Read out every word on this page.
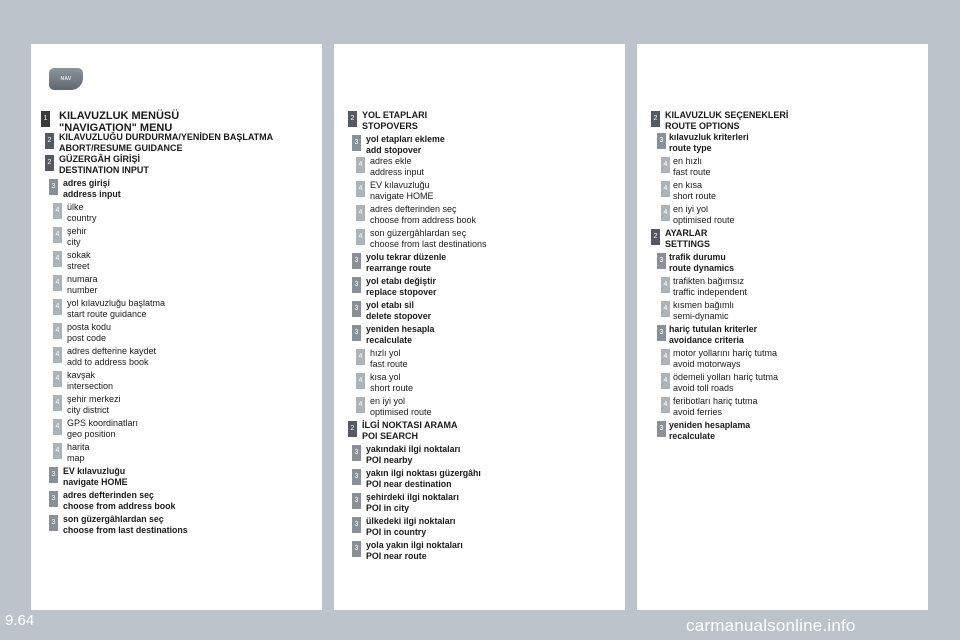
NAV
1 KILAVUZLUK MENÜSÜ
"NAVIGATION" MENU
2 KILAVUZLUĞU DURDURMA/YENİDEN BAŞLATMA
ABORT/RESUME GUIDANCE
2 GÜZERGÂH GİRİŞİ
DESTINATION INPUT
3 adres girişi
address input
4 ülke
country
4 şehir
city
4 sokak
street
4 numara
number
4 yol kılavuzluğu başlatma
start route guidance
4 posta kodu
post code
4 adres defterine kaydet
add to address book
4 kavşak
intersection
4 şehir merkezi
city district
4 GPS koordinatları
geo position
4 harita
map
3 EV kılavuzluğu
navigate HOME
3 adres defterinden seç
choose from address book
3 son güzergâhlardan seç
choose from last destinations
2 YOL ETAPLARI
STOPOVERS
3 yol etapları ekleme
add stopover
4 adres ekle
address input
4 EV kılavuzluğu
navigate HOME
4 adres defterinden seç
choose from address book
4 son güzergâhlardan seç
choose from last destinations
3 yolu tekrar düzenle
rearrange route
3 yol etabı değiştir
replace stopover
3 yol etabı sil
delete stopover
3 yeniden hesapla
recalculate
4 hızlı yol
fast route
4 kısa yol
short route
4 en iyi yol
optimised route
2 İLGİ NOKTASI ARAMA
POI SEARCH
3 yakındaki ilgi noktaları
POI nearby
3 yakın ilgi noktası güzergâhı
POI near destination
3 şehirdeki ilgi noktaları
POI in city
3 ülkedeki ilgi noktaları
POI in country
3 yola yakın ilgi noktaları
POI near route
2 KILAVUZLUK SEÇENEKLERİ
ROUTE OPTIONS
3 kılavuzluk kriterleri
route type
4 en hızlı
fast route
4 en kısa
short route
4 en iyi yol
optimised route
2 AYARLAR
SETTINGS
3 trafik durumu
route dynamics
4 trafikten bağımsız
traffic independent
4 kısmen bağımlı
semi-dynamic
3 hariç tutulan kriterler
avoidance criteria
4 motor yollarını hariç tutma
avoid motorways
4 ödemeli yolları hariç tutma
avoid toll roads
4 feribotları hariç tutma
avoid ferries
3 yeniden hesaplama
recalculate
9.64	carmanualsonline.info
